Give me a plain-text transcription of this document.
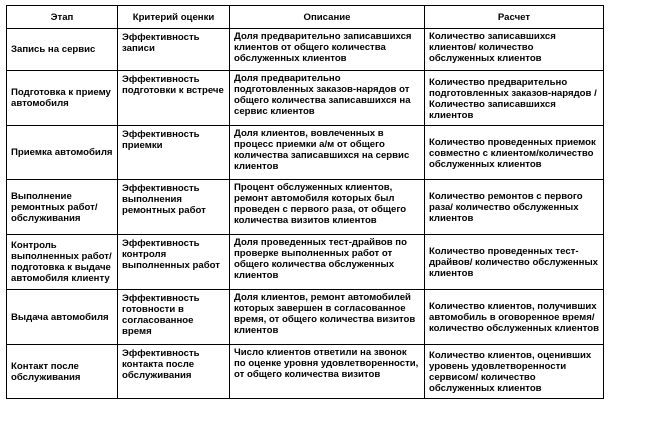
Этап	Критерий оценки	Описание	Расчет
Запись на сервис	Эффективность записи	Доля предварительно записавшихся клиентов от общего количества обслуженных клиентов	Количество записавшихся клиентов/ количество обслуженных клиентов
Подготовка к приему автомобиля	Эффективность подготовки к встрече	Доля предварительно подготовленных заказов-нарядов от общего количества записавшихся на сервис клиентов	Количество предварительно подготовленных заказов-нарядов / Количество записавшихся клиентов
Приемка автомобиля	Эффективность приемки	Доля клиентов, вовлеченных в процесс приемки а/м от общего количества записавшихся на сервис клиентов	Количество проведенных приемок совместно с клиентом/количество обслуженных клиентов
Выполнение ремонтных работ/обслуживания	Эффективность выполнения ремонтных работ	Процент обслуженных клиентов, ремонт автомобиля которых был проведен с первого раза, от общего количества визитов клиентов	Количество ремонтов с первого раза/ количество обслуженных клиентов
Контроль выполненных работ/ подготовка к выдаче автомобиля клиенту	Эффективность контроля выполненных работ	Доля проведенных тест-драйвов по проверке выполненных работ от общего количества обслуженных клиентов	Количество проведенных тест-драйвов/ количество обслуженных клиентов
Выдача автомобиля	Эффективность готовности в согласованное время	Доля клиентов, ремонт автомобилей которых завершен в согласованное время, от общего количества визитов клиентов	Количество клиентов, получивших автомобиль в оговоренное время/ количество обслуженных клиентов
Контакт после обслуживания	Эффективность контакта после обслуживания	Число клиентов ответили на звонок по оценке уровня удовлетворенности, от общего количества визитов	Количество клиентов, оценивших уровень удовлетворенности сервисом/ количество обслуженных клиентов
